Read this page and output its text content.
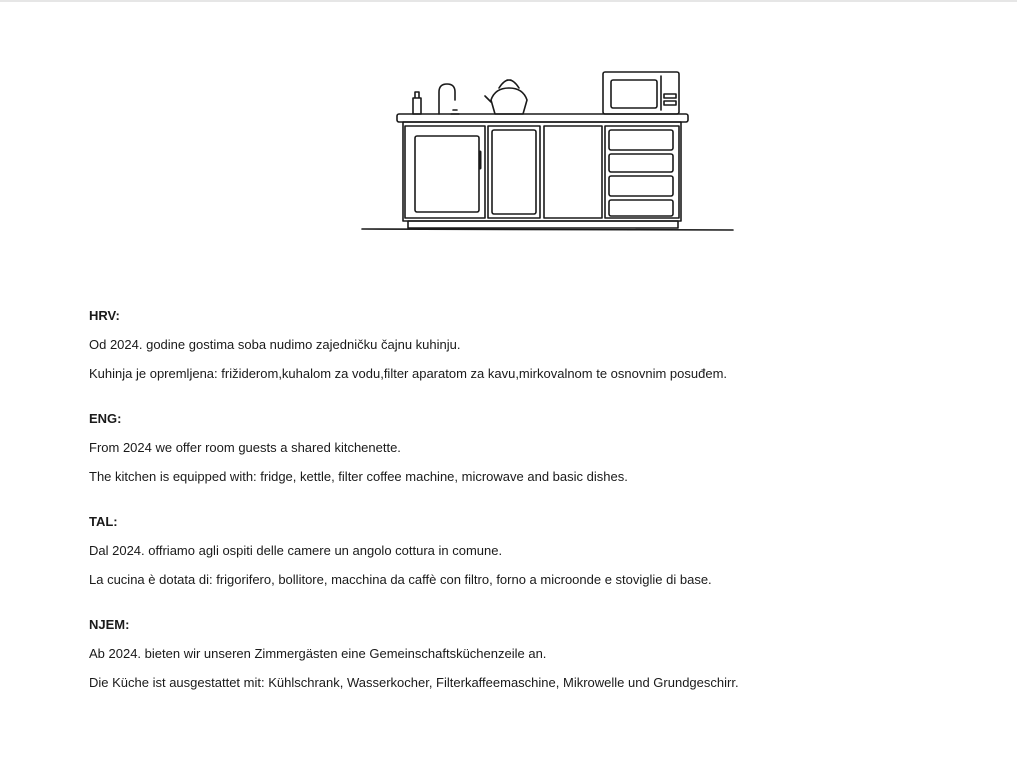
HRV:

Od 2024. godine gostima soba nudimo zajedničku čajnu kuhinju.

Kuhinja je opremljena: frižiderom,kuhalom za vodu,filter aparatom za kavu,mirkovalnom te osnovnim posuđem.

ENG:

From 2024 we offer room guests a shared kitchenette.

The kitchen is equipped with: fridge, kettle, filter coffee machine, microwave and basic dishes.

TAL:

Dal 2024. offriamo agli ospiti delle camere un angolo cottura in comune.

La cucina è dotata di: frigorifero, bollitore, macchina da caffè con filtro, forno a microonde e stoviglie di base.

NJEM:

Ab 2024. bieten wir unseren Zimmergästen eine Gemeinschaftsküchenzeile an.

Die Küche ist ausgestattet mit: Kühlschrank, Wasserkocher, Filterkaffeemaschine, Mikrowelle und Grundgeschirr.
